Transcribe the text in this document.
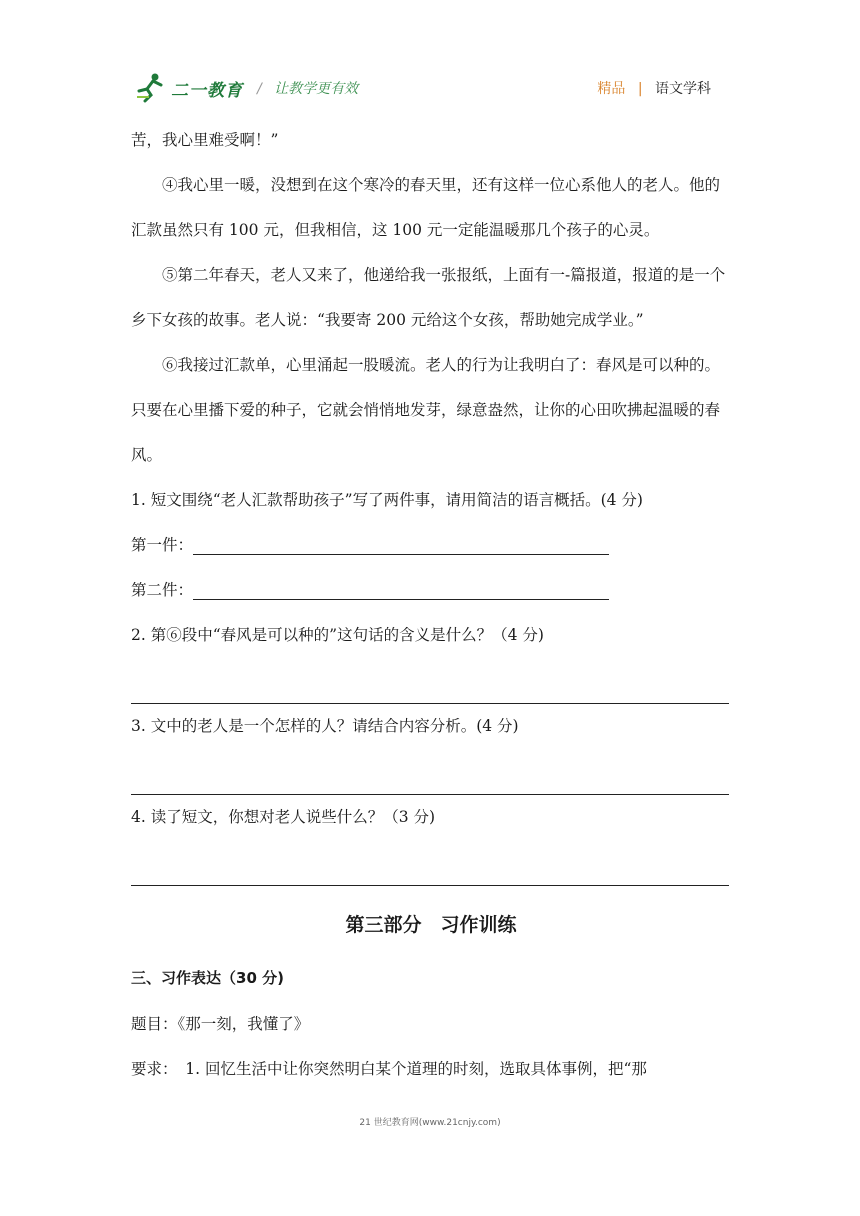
二一教育 / 让教学更有效	精品 | 语文学科

苦，我心里难受啊！”

④我心里一暖，没想到在这个寒冷的春天里，还有这样一位心系他人的老人。他的汇款虽然只有 100 元，但我相信，这 100 元一定能温暖那几个孩子的心灵。

⑤第二年春天，老人又来了，他递给我一张报纸，上面有一-篇报道，报道的是一个乡下女孩的故事。老人说：“我要寄 200 元给这个女孩，帮助她完成学业。”

⑥我接过汇款单，心里涌起一股暖流。老人的行为让我明白了：春风是可以种的。只要在心里播下爱的种子，它就会悄悄地发芽，绿意盎然，让你的心田吹拂起温暖的春风。

1. 短文围绕“老人汇款帮助孩子”写了两件事，请用简洁的语言概括。(4 分)

第一件：
第二件：

2. 第⑥段中“春风是可以种的”这句话的含义是什么？（4 分)

3. 文中的老人是一个怎样的人？请结合内容分析。(4 分)

4. 读了短文，你想对老人说些什么？（3 分)

第三部分　习作训练

三、习作表达（30 分)

题目：《那一刻，我懂了》

要求：　1. 回忆生活中让你突然明白某个道理的时刻，选取具体事例，把“那

21 世纪教育网(www.21cnjy.com)
